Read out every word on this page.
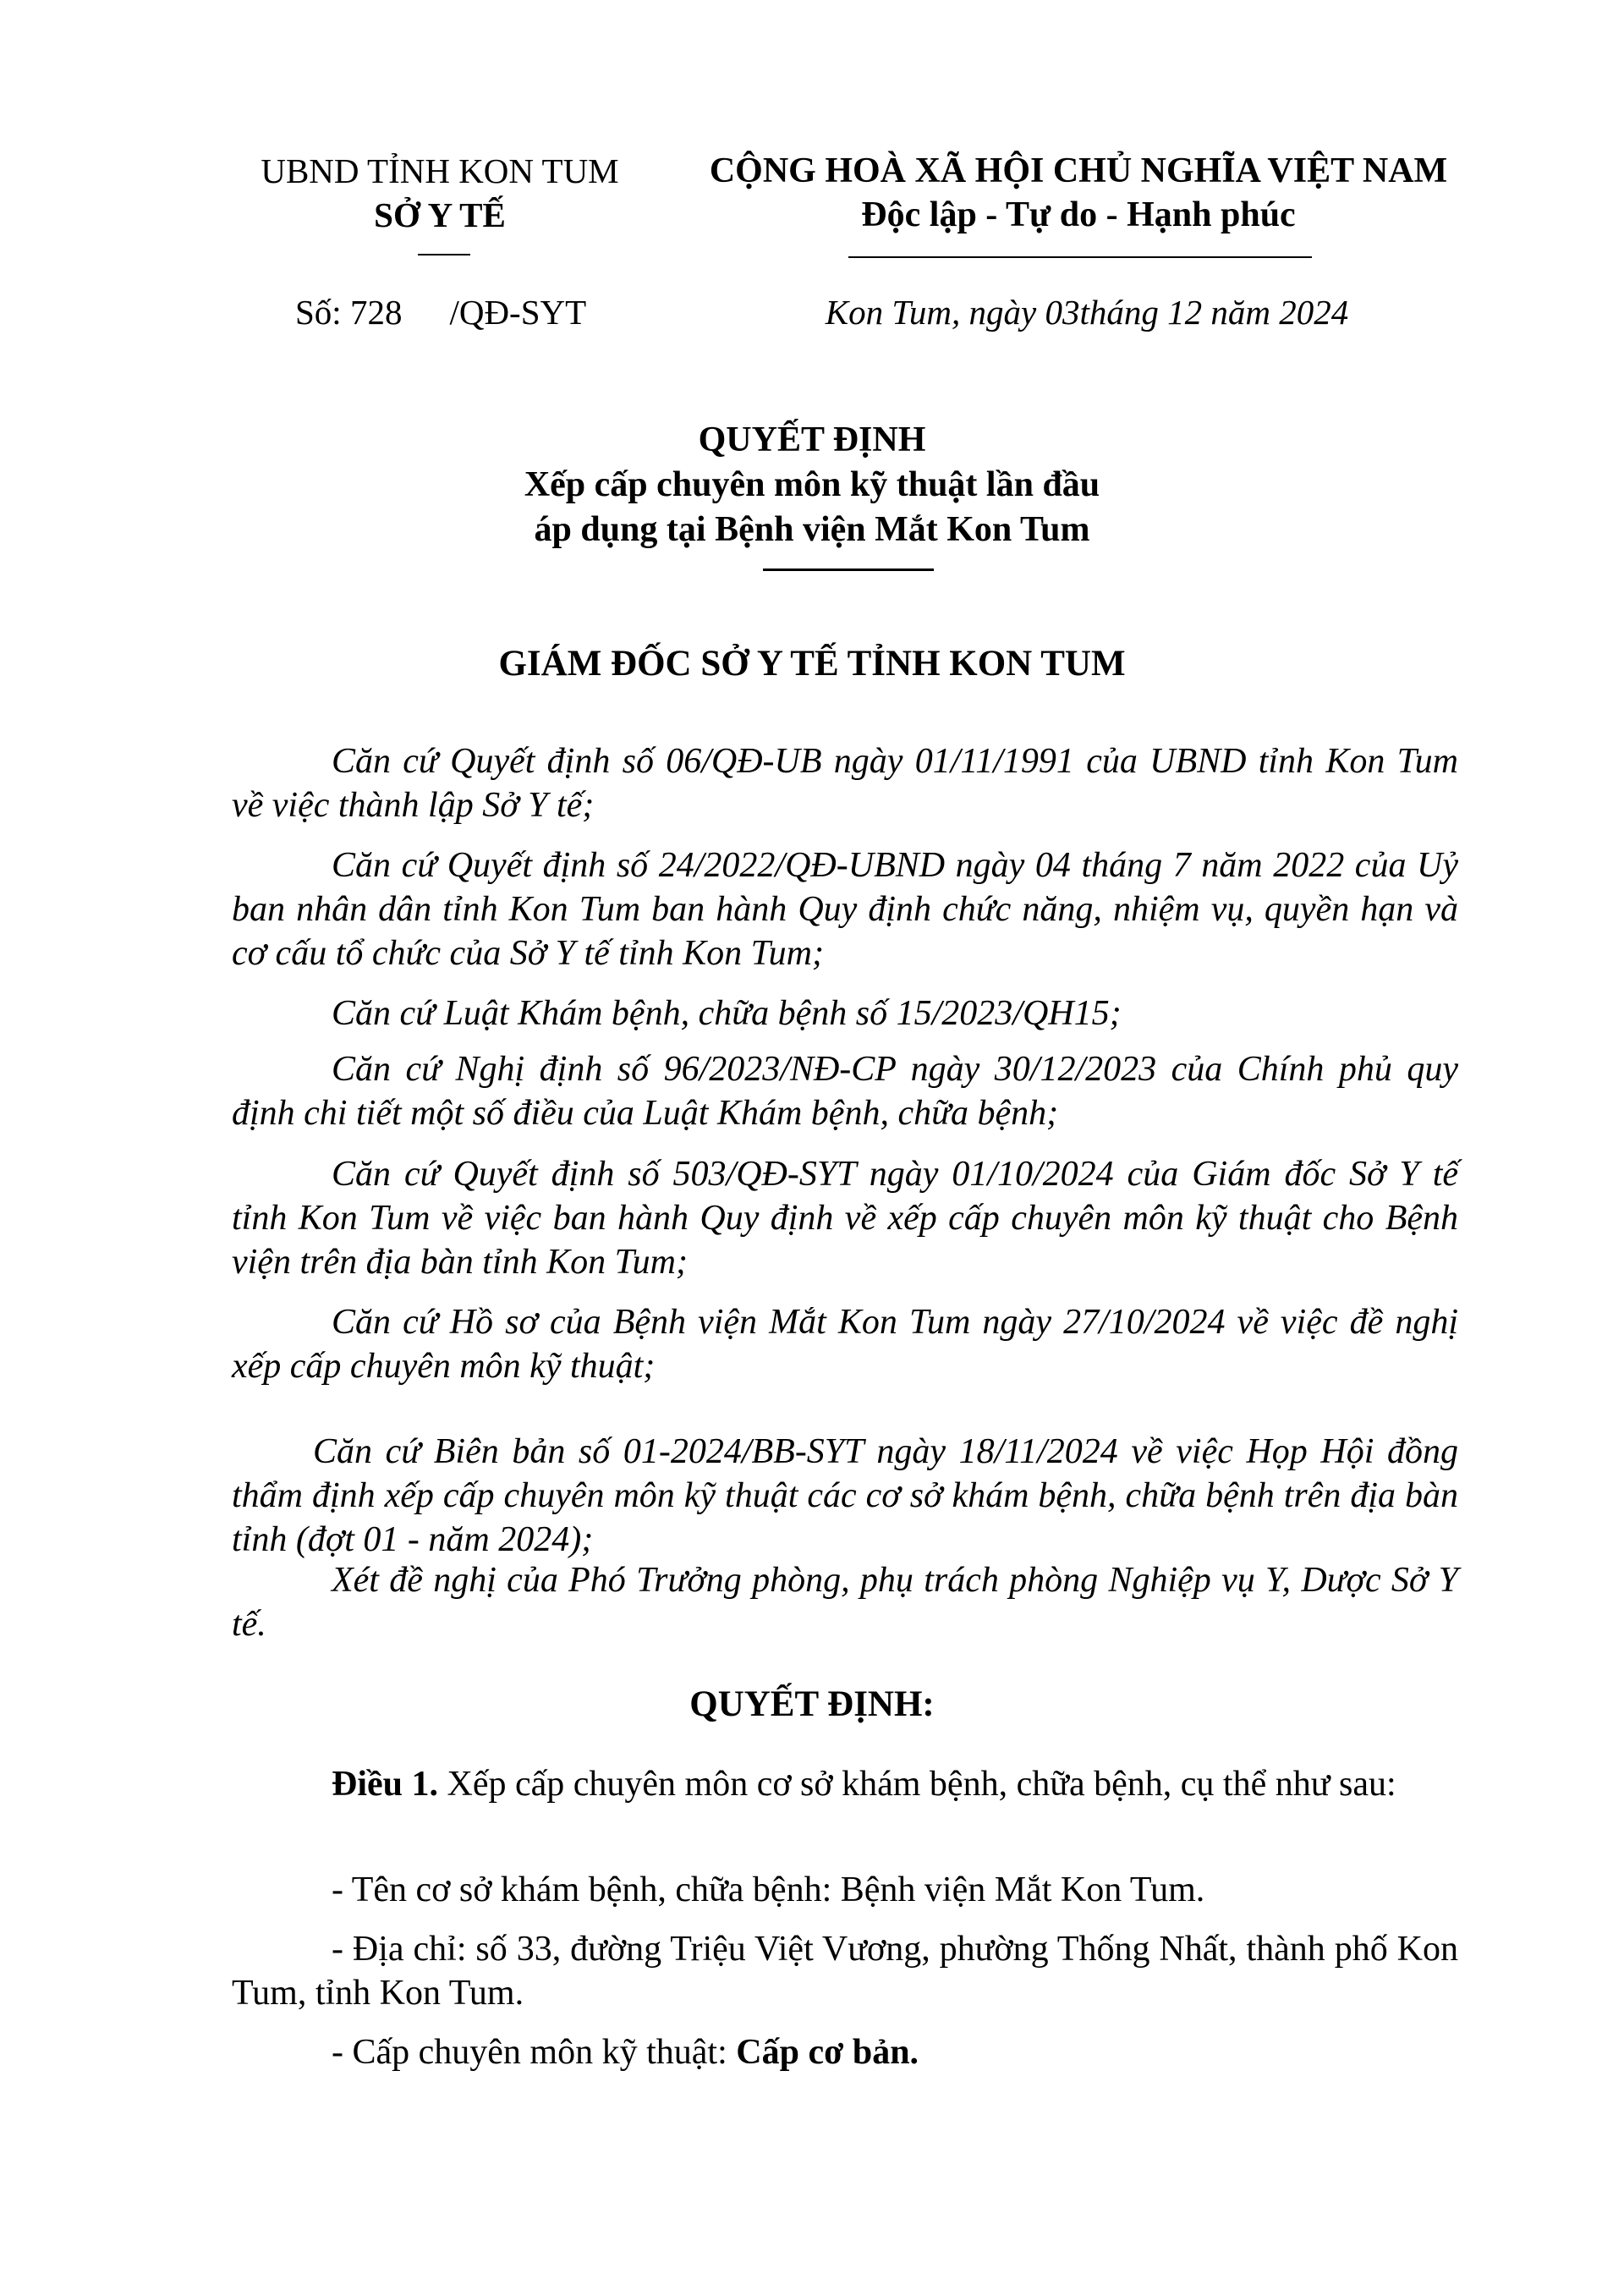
UBND TỈNH KON TUM
SỞ Y TẾ
CỘNG HOÀ XÃ HỘI CHỦ NGHĨA VIỆT NAM
Độc lập - Tự do - Hạnh phúc
Số: 728 /QĐ-SYT	Kon Tum, ngày 03tháng 12 năm 2024
QUYẾT ĐỊNH
Xếp cấp chuyên môn kỹ thuật lần đầu
áp dụng tại Bệnh viện Mắt Kon Tum
GIÁM ĐỐC SỞ Y TẾ TỈNH KON TUM
Căn cứ Quyết định số 06/QĐ-UB ngày 01/11/1991 của UBND tỉnh Kon Tum về việc thành lập Sở Y tế;
Căn cứ Quyết định số 24/2022/QĐ-UBND ngày 04 tháng 7 năm 2022 của Uỷ ban nhân dân tỉnh Kon Tum ban hành Quy định chức năng, nhiệm vụ, quyền hạn và cơ cấu tổ chức của Sở Y tế tỉnh Kon Tum;
Căn cứ Luật Khám bệnh, chữa bệnh số 15/2023/QH15;
Căn cứ Nghị định số 96/2023/NĐ-CP ngày 30/12/2023 của Chính phủ quy định chi tiết một số điều của Luật Khám bệnh, chữa bệnh;
Căn cứ Quyết định số 503/QĐ-SYT ngày 01/10/2024 của Giám đốc Sở Y tế tỉnh Kon Tum về việc ban hành Quy định về xếp cấp chuyên môn kỹ thuật cho Bệnh viện trên địa bàn tỉnh Kon Tum;
Căn cứ Hồ sơ của Bệnh viện Mắt Kon Tum ngày 27/10/2024 về việc đề nghị xếp cấp chuyên môn kỹ thuật;
Căn cứ Biên bản số 01-2024/BB-SYT ngày 18/11/2024 về việc Họp Hội đồng thẩm định xếp cấp chuyên môn kỹ thuật các cơ sở khám bệnh, chữa bệnh trên địa bàn tỉnh (đợt 01 - năm 2024);
Xét đề nghị của Phó Trưởng phòng, phụ trách phòng Nghiệp vụ Y, Dược Sở Y tế.
QUYẾT ĐỊNH:
Điều 1. Xếp cấp chuyên môn cơ sở khám bệnh, chữa bệnh, cụ thể như sau:
- Tên cơ sở khám bệnh, chữa bệnh: Bệnh viện Mắt Kon Tum.
- Địa chỉ: số 33, đường Triệu Việt Vương, phường Thống Nhất, thành phố Kon Tum, tỉnh Kon Tum.
- Cấp chuyên môn kỹ thuật: Cấp cơ bản.
